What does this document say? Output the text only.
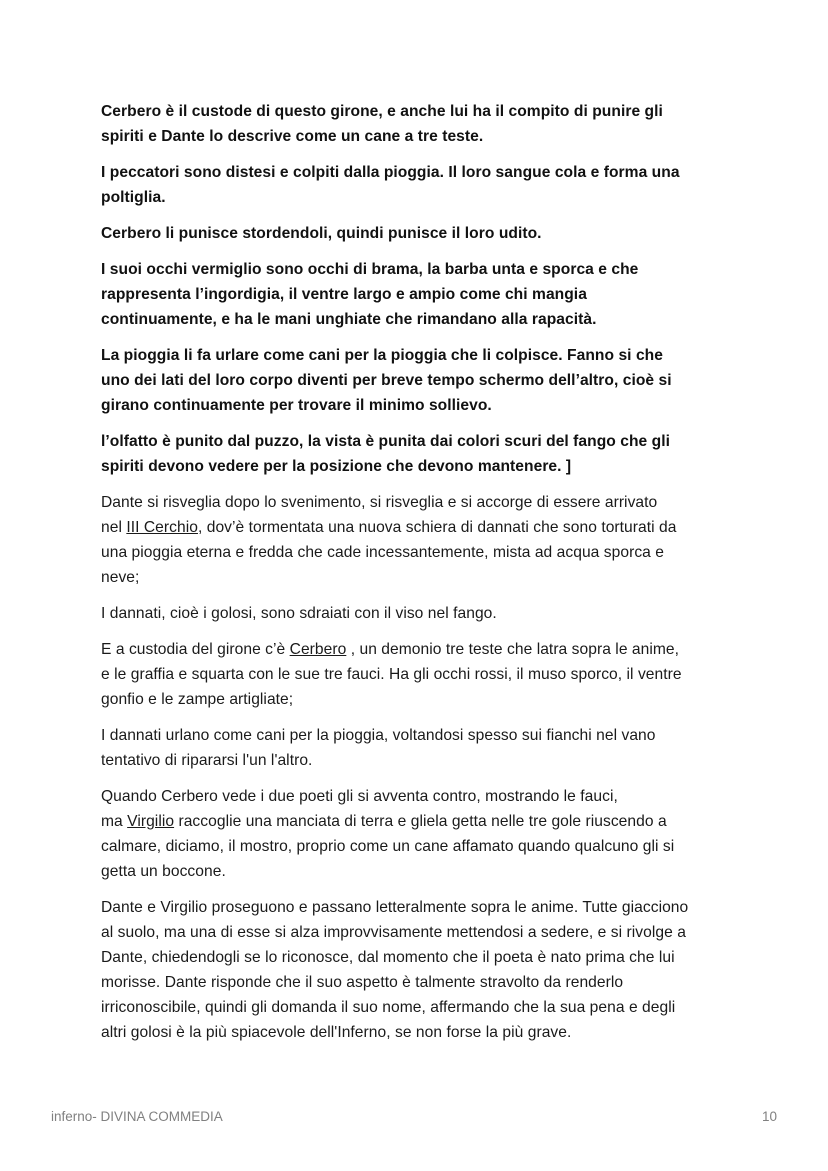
Cerbero è il custode di questo girone, e anche lui ha il compito di punire gli
spiriti e Dante lo descrive come un cane a tre teste.

I peccatori sono distesi e colpiti dalla pioggia. Il loro sangue cola e forma una
poltiglia.

Cerbero li punisce stordendoli, quindi punisce il loro udito.

I suoi occhi vermiglio sono occhi di brama, la barba unta e sporca e che
rappresenta l’ingordigia, il ventre largo e ampio come chi mangia
continuamente, e ha le mani unghiate che rimandano alla rapacità.

La pioggia li fa urlare come cani per la pioggia che li colpisce. Fanno si che
uno dei lati del loro corpo diventi per breve tempo schermo dell’altro, cioè si
girano continuamente per trovare il minimo sollievo.

l’olfatto è punito dal puzzo, la vista è punita dai colori scuri del fango che gli
spiriti devono vedere per la posizione che devono mantenere. ]

Dante si risveglia dopo lo svenimento, si risveglia e si accorge di essere arrivato
nel III Cerchio, dov’è tormentata una nuova schiera di dannati che sono torturati da
una pioggia eterna e fredda che cade incessantemente, mista ad acqua sporca e
neve;

I dannati, cioè i golosi, sono sdraiati con il viso nel fango.

E a custodia del girone c’è Cerbero , un demonio tre teste che latra sopra le anime,
e le graffia e squarta con le sue tre fauci. Ha gli occhi rossi, il muso sporco, il ventre
gonfio e le zampe artigliate;

I dannati urlano come cani per la pioggia, voltandosi spesso sui fianchi nel vano
tentativo di ripararsi l'un l'altro.

Quando Cerbero vede i due poeti gli si avventa contro, mostrando le fauci,
ma Virgilio raccoglie una manciata di terra e gliela getta nelle tre gole riuscendo a
calmare, diciamo, il mostro, proprio come un cane affamato quando qualcuno gli si
getta un boccone.

Dante e Virgilio proseguono e passano letteralmente sopra le anime. Tutte giacciono
al suolo, ma una di esse si alza improvvisamente mettendosi a sedere, e si rivolge a
Dante, chiedendogli se lo riconosce, dal momento che il poeta è nato prima che lui
morisse. Dante risponde che il suo aspetto è talmente stravolto da renderlo
irriconoscibile, quindi gli domanda il suo nome, affermando che la sua pena e degli
altri golosi è la più spiacevole dell'Inferno, se non forse la più grave.

inferno- DIVINA COMMEDIA	10
